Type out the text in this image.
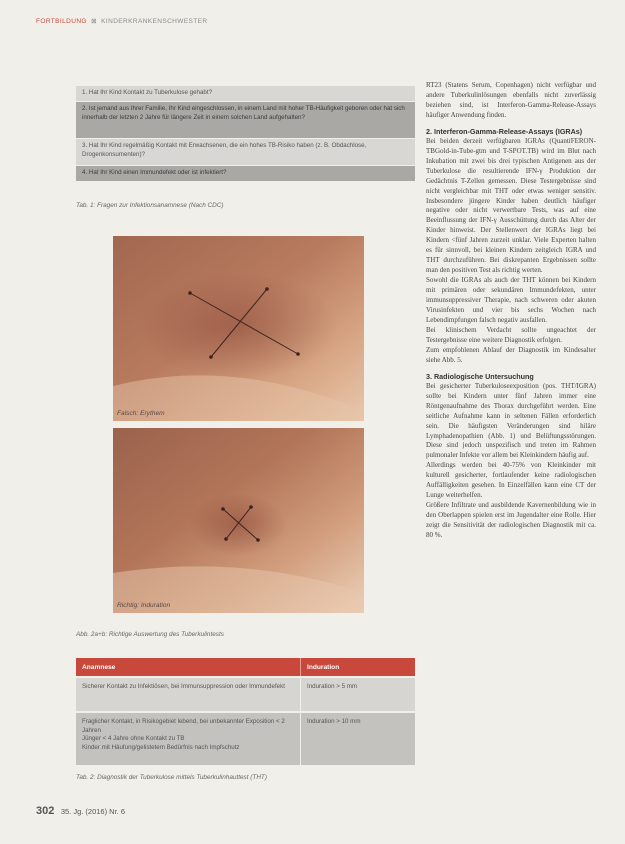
FORTBILDUNG ⊠ KINDERKRANKENSCHWESTER
1. Hat Ihr Kind Kontakt zu Tuberkulose gehabt?
2. Ist jemand aus Ihrer Familie, Ihr Kind eingeschlossen, in einem Land mit hoher TB-Häufigkeit geboren oder hat sich innerhalb der letzten 2 Jahre für längere Zeit in einem solchen Land aufgehalten?
3. Hat Ihr Kind regelmäßig Kontakt mit Erwachsenen, die ein hohes TB-Risiko haben (z. B. Obdachlose, Drogenkonsumenten)?
4. Hat Ihr Kind einen Immundefekt oder ist infektiert?
Tab. 1: Fragen zur Infektionsanamnese (Nach CDC)
Falsch: Erythem
Richtig: Induration
Abb. 2a+b: Richtige Auswertung des Tuberkulintests
Anamnese	Induration
Sicherer Kontakt zu Infektiösen, bei Immunsuppression oder Immundefekt	Induration > 5 mm
Fraglicher Kontakt, in Risikogebiet lebend, bei unbekannter Exposition < 2 Jahren
Jünger < 4 Jahre ohne Kontakt zu TB
Kinder mit Häufung/gelistetem Bedürfnis nach Impfschutz
Induration > 10 mm
Tab. 2: Diagnostik der Tuberkulose mittels Tuberkulinhauttest (THT)
302 35. Jg. (2016) Nr. 6

RT23 (Statens Serum, Copenhagen) nicht verfügbar und andere Tuberkulinlösungen ebenfalls nicht zuverlässig beziehen sind, ist Interferon-Gamma-Release-Assays häufiger Anwendung finden.

2. Interferon-Gamma-Release-Assays (IGRAs)

Bei beiden derzeit verfügbaren IGRAs (QuantiFERON-TBGold-in-Tube-gtm und T-SPOT.TB) wird im Blut nach Inkubation mit zwei bis drei typischen Antigenen aus der Tuberkulose die resultierende IFN-γ Produktion der Gedächtnis T-Zellen gemessen. Diese Testergebnisse sind nicht vergleichbar mit THT oder etwas weniger sensitiv. Insbesondere jüngere Kinder haben deutlich häufiger negative oder nicht verwertbare Tests, was auf eine Beeinflussung der IFN-γ Ausschüttung durch das Alter der Kinder hinweist. Der Stellenwert der IGRAs liegt bei Kindern <fünf Jahren zurzeit unklar. Viele Experten halten es für sinnvoll, bei kleinen Kindern zeitgleich IGRA und THT durchzuführen. Bei diskrepanten Ergebnissen sollte man den positiven Test als richtig werten.

Sowohl die IGRAs als auch der THT können bei Kindern mit primären oder sekundären Immundefekten, unter immunsuppressiver Therapie, nach schweren oder akuten Virusinfekten und vier bis sechs Wochen nach Lebendimpfungen falsch negativ ausfallen.

Bei klinischem Verdacht sollte ungeachtet der Testergebnisse eine weitere Diagnostik erfolgen.

Zum empfohlenen Ablauf der Diagnostik im Kindesalter siehe Abb. 5.

3. Radiologische Untersuchung

Bei gesicherter Tuberkuloseexposition (pos. THT/IGRA) sollte bei Kindern unter fünf Jahren immer eine Röntgenaufnahme des Thorax durchgeführt werden. Eine seitliche Aufnahme kann in seltenen Fällen erforderlich sein. Die häufigsten Veränderungen sind hiläre Lymphadenopathien (Abb. 1) und Belüftungsstörungen. Diese sind jedoch unspezifisch und treten im Rahmen pulmonaler Infekte vor allem bei Kleinkindern häufig auf.

Allerdings werden bei 40-75% von Kleinkinder mit kulturell gesicherter, fortlaufender keine radiologischen Auffälligkeiten gesehen. In Einzelfällen kann eine CT der Lunge weiterhelfen.

Größere Infiltrate und ausbildende Kavernenbildung wie in den Oberlappen spielen erst im Jugendalter eine Rolle. Hier zeigt die Sensitivität der radiologischen Diagnostik mit ca. 80 %.
